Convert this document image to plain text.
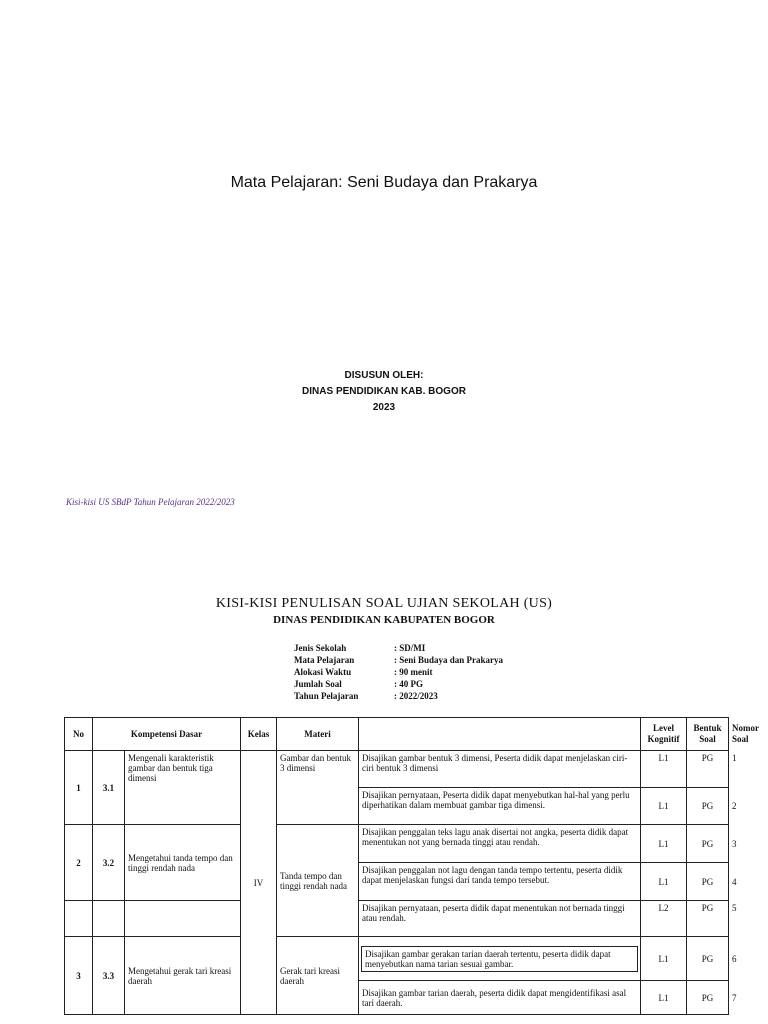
Mata Pelajaran: Seni Budaya dan Prakarya
DISUSUN OLEH:
DINAS PENDIDIKAN KAB. BOGOR
2023
Kisi-kisi US SBdP Tahun Pelajaran 2022/2023
KISI-KISI PENULISAN SOAL UJIAN SEKOLAH (US)
DINAS PENDIDIKAN KABUPATEN BOGOR
Jenis Sekolah	: SD/MI
Mata Pelajaran	: Seni Budaya dan Prakarya
Alokasi Waktu	: 90 menit
Jumlah Soal	: 40 PG
Tahun Pelajaran	: 2022/2023
No	Kompetensi Dasar		Kelas	Materi		Level Kognitif	Bentuk Soal	Nomor Soal
1	3.1	Mengenali karakteristik gambar dan bentuk tiga dimensi	IV	Gambar dan bentuk 3 dimensi	Disajikan gambar bentuk 3 dimensi, Peserta didik dapat menjelaskan ciri-ciri bentuk 3 dimensi	L1	PG	1
					Disajikan pernyataan, Peserta didik dapat menyebutkan hal-hal yang perlu diperhatikan dalam membuat gambar tiga dimensi.	L1	PG	2
2	3.2	Mengetahui tanda tempo dan tinggi rendah nada		Tanda tempo dan tinggi rendah nada	Disajikan penggalan teks lagu anak disertai not angka, peserta didik dapat menentukan not yang bernada tinggi atau rendah.	L1	PG	3
					Disajikan penggalan not lagu dengan tanda tempo tertentu, peserta didik dapat menjelaskan fungsi dari tanda tempo tersebut.	L1	PG	4
					Disajikan pernyataan, peserta didik dapat menentukan not bernada tinggi atau rendah.	L2	PG	5
3	3.3	Mengetahui gerak tari kreasi daerah		Gerak tari kreasi daerah	Disajikan gambar gerakan tarian daerah tertentu, peserta didik dapat menyebutkan nama tarian sesuai gambar.	L1	PG	6
					Disajikan gambar tarian daerah, peserta didik dapat mengidentifikasi asal tari daerah.	L1	PG	7
